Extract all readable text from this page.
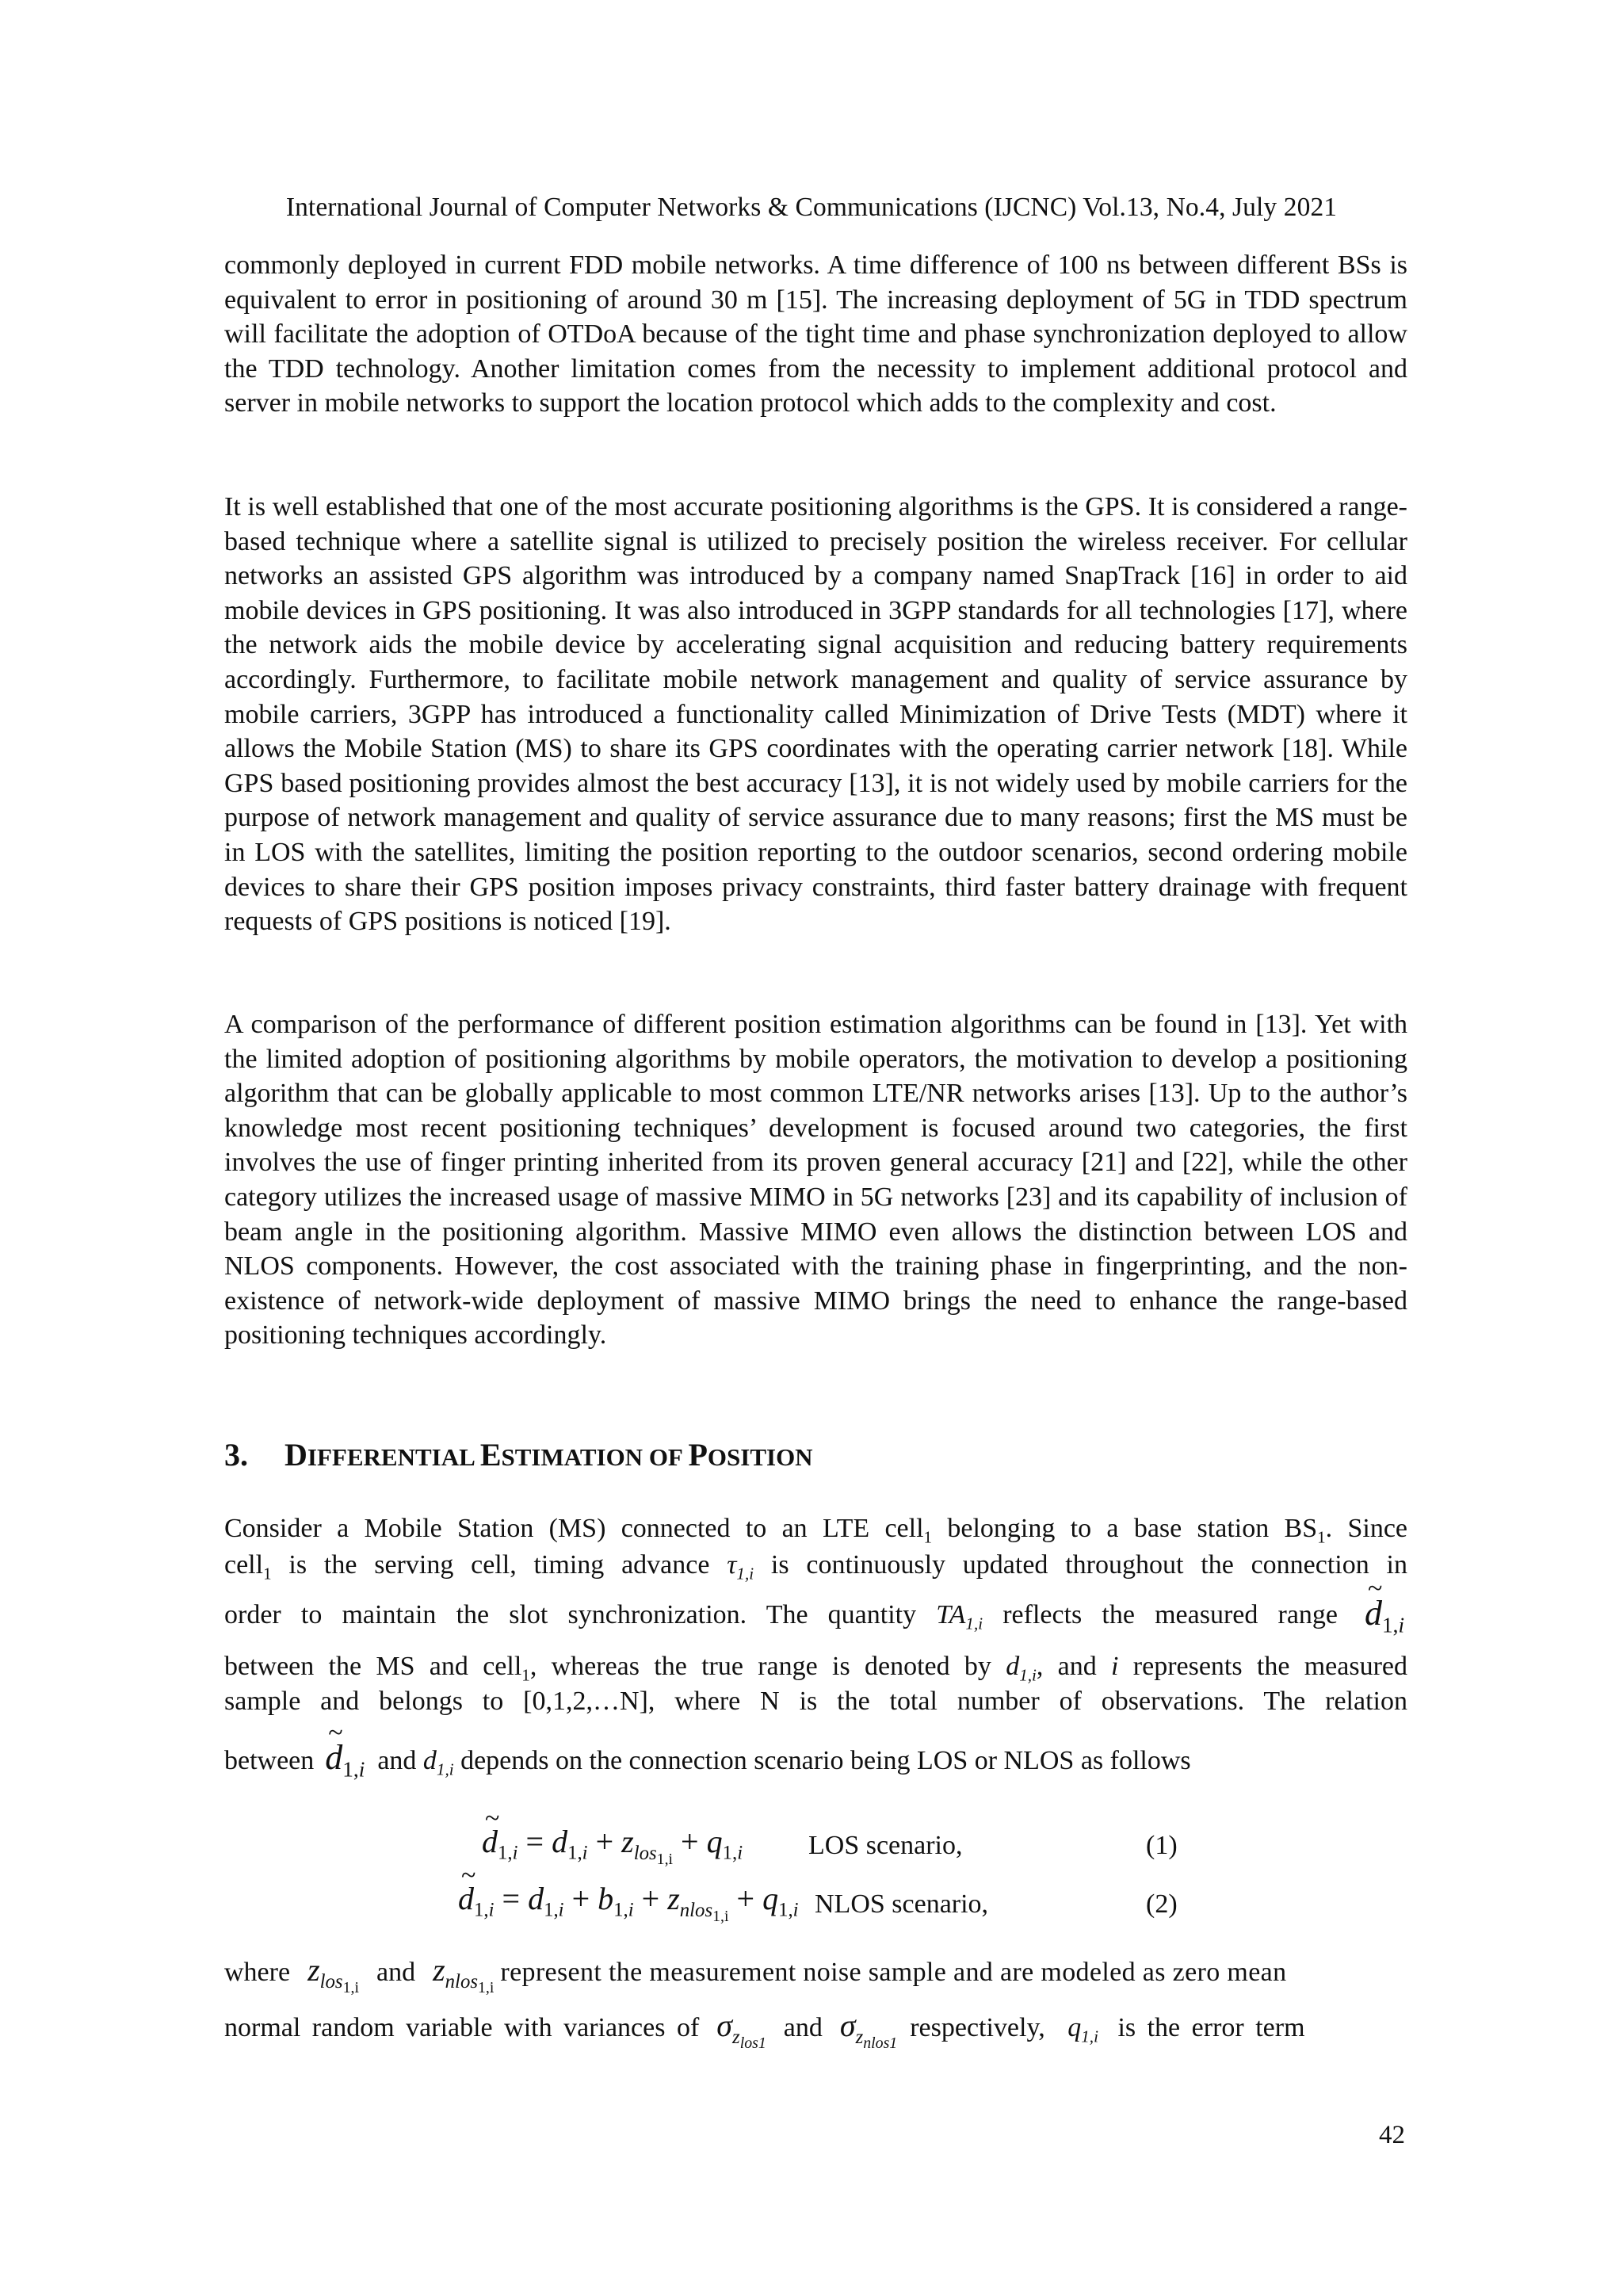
International Journal of Computer Networks & Communications (IJCNC) Vol.13, No.4, July 2021

commonly deployed in current FDD mobile networks. A time difference of 100 ns between different BSs is equivalent to error in positioning of around 30 m [15]. The increasing deployment of 5G in TDD spectrum will facilitate the adoption of OTDoA because of the tight time and phase synchronization deployed to allow the TDD technology. Another limitation comes from the necessity to implement additional protocol and server in mobile networks to support the location protocol which adds to the complexity and cost.

It is well established that one of the most accurate positioning algorithms is the GPS. It is considered a range-based technique where a satellite signal is utilized to precisely position the wireless receiver. For cellular networks an assisted GPS algorithm was introduced by a company named SnapTrack [16] in order to aid mobile devices in GPS positioning. It was also introduced in 3GPP standards for all technologies [17], where the network aids the mobile device by accelerating signal acquisition and reducing battery requirements accordingly. Furthermore, to facilitate mobile network management and quality of service assurance by mobile carriers, 3GPP has introduced a functionality called Minimization of Drive Tests (MDT) where it allows the Mobile Station (MS) to share its GPS coordinates with the operating carrier network [18]. While GPS based positioning provides almost the best accuracy [13], it is not widely used by mobile carriers for the purpose of network management and quality of service assurance due to many reasons; first the MS must be in LOS with the satellites, limiting the position reporting to the outdoor scenarios, second ordering mobile devices to share their GPS position imposes privacy constraints, third faster battery drainage with frequent requests of GPS positions is noticed [19].

A comparison of the performance of different position estimation algorithms can be found in [13]. Yet with the limited adoption of positioning algorithms by mobile operators, the motivation to develop a positioning algorithm that can be globally applicable to most common LTE/NR networks arises [13]. Up to the author’s knowledge most recent positioning techniques’ development is focused around two categories, the first involves the use of finger printing inherited from its proven general accuracy [21] and [22], while the other category utilizes the increased usage of massive MIMO in 5G networks [23] and its capability of inclusion of beam angle in the positioning algorithm. Massive MIMO even allows the distinction between LOS and NLOS components. However, the cost associated with the training phase in fingerprinting, and the non-existence of network-wide deployment of massive MIMO brings the need to enhance the range-based positioning techniques accordingly.

3. DIFFERENTIAL ESTIMATION OF POSITION
Consider a Mobile Station (MS) connected to an LTE cell$_1$ belonging to a base station $BS_1$. Since
cell$_1$ is the serving cell, timing advance $\tau_{1,i}$ is continuously updated throughout the connection in
order to maintain the slot synchronization. The quantity $TA_{1,i}$ reflects the measured range ~ $d_{1,i}$
between the MS and cell$_1$, whereas the true range is denoted by $d_{1,i}$, and i represents the measured
sample and belongs to [0,1,2,…N], where N is the total number of observations. The relation
between ~ $d_{1,i}$ and $d_{1,i}$ depends on the connection scenario being LOS or NLOS as follows
~ $d_{1,i} = d_{1,i} + z_{los_{1,i}} + q_{1,i}$ LOS scenario,	(1)
~ $d_{1,i} = d_{1,i} + b_{1,i} + z_{nlos_{1,i}} + q_{1,i}$ NLOS scenario,	(2)
where $z_{los_{1,i}}and$ $z_{nlos_{1,i}}represent$ the measurement noise sample and are modeled as zero mean
normal random variable with variances of $\sigma_{z_{los1}}and$ $\sigma_{z_{nlos1}}respectively$, $q_{1,i}$ is the error term
42
